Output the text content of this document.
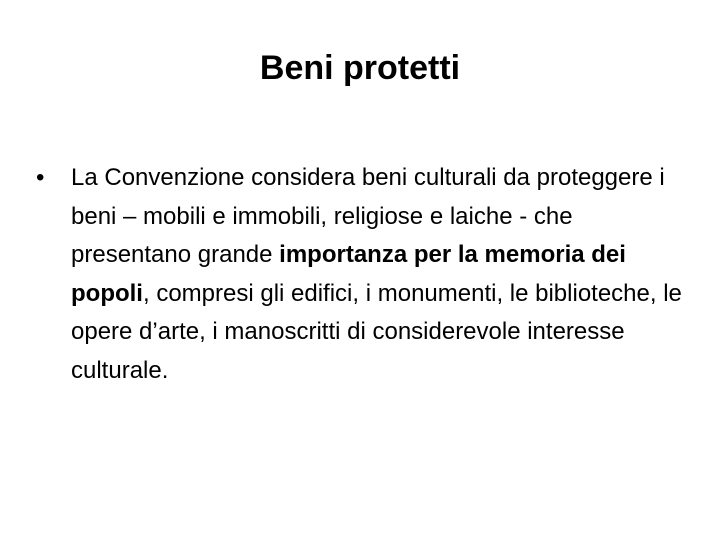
Beni protetti
•	La Convenzione considera beni culturali da proteggere i beni – mobili e immobili, religiose e laiche - che presentano grande importanza per la memoria dei popoli, compresi gli edifici, i monumenti, le biblioteche, le opere d’arte, i manoscritti di considerevole interesse culturale.
